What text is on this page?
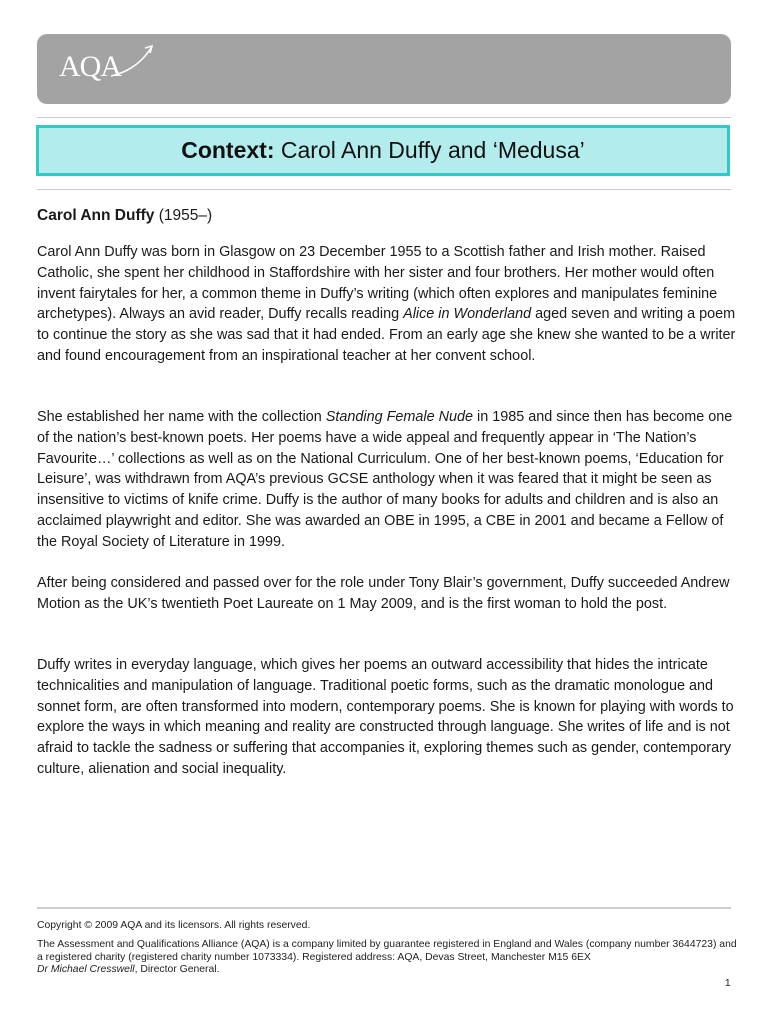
AQA
Context: Carol Ann Duffy and ‘Medusa’
Carol Ann Duffy (1955–)

Carol Ann Duffy was born in Glasgow on 23 December 1955 to a Scottish father and Irish mother. Raised Catholic, she spent her childhood in Staffordshire with her sister and four brothers. Her mother would often invent fairytales for her, a common theme in Duffy’s writing (which often explores and manipulates feminine archetypes). Always an avid reader, Duffy recalls reading Alice in Wonderland aged seven and writing a poem to continue the story as she was sad that it had ended. From an early age she knew she wanted to be a writer and found encouragement from an inspirational teacher at her convent school.

She established her name with the collection Standing Female Nude in 1985 and since then has become one of the nation’s best-known poets. Her poems have a wide appeal and frequently appear in ‘The Nation’s Favourite…’ collections as well as on the National Curriculum. One of her best-known poems, ‘Education for Leisure’, was withdrawn from AQA’s previous GCSE anthology when it was feared that it might be seen as insensitive to victims of knife crime. Duffy is the author of many books for adults and children and is also an acclaimed playwright and editor. She was awarded an OBE in 1995, a CBE in 2001 and became a Fellow of the Royal Society of Literature in 1999.

After being considered and passed over for the role under Tony Blair’s government, Duffy succeeded Andrew Motion as the UK’s twentieth Poet Laureate on 1 May 2009, and is the first woman to hold the post.

Duffy writes in everyday language, which gives her poems an outward accessibility that hides the intricate technicalities and manipulation of language. Traditional poetic forms, such as the dramatic monologue and sonnet form, are often transformed into modern, contemporary poems. She is known for playing with words to explore the ways in which meaning and reality are constructed through language. She writes of life and is not afraid to tackle the sadness or suffering that accompanies it, exploring themes such as gender, contemporary culture, alienation and social inequality.

Copyright © 2009 AQA and its licensors. All rights reserved.

The Assessment and Qualifications Alliance (AQA) is a company limited by guarantee registered in England and Wales (company number 3644723) and a registered charity (registered charity number 1073334). Registered address: AQA, Devas Street, Manchester M15 6EX

Dr Michael Cresswell, Director General.

1
